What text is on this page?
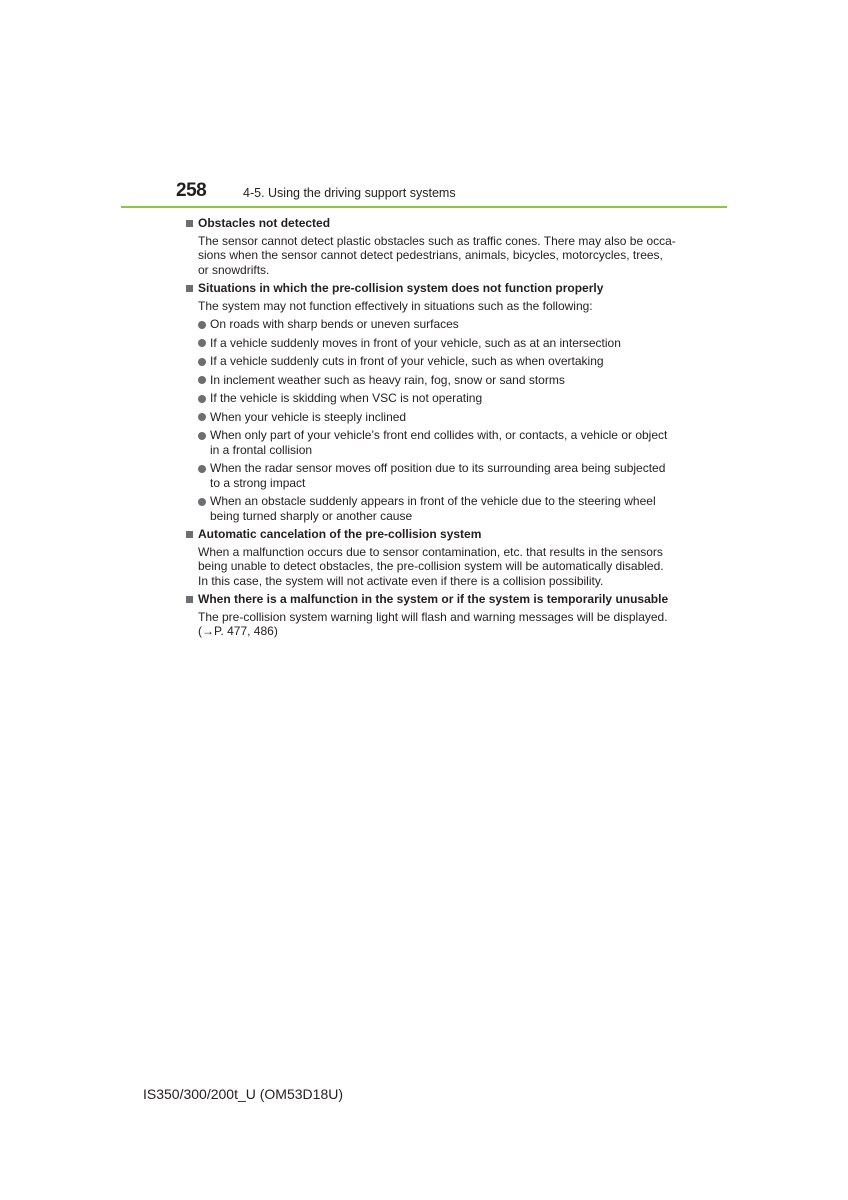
258	4-5. Using the driving support systems
Obstacles not detected
The sensor cannot detect plastic obstacles such as traffic cones. There may also be occa-sions when the sensor cannot detect pedestrians, animals, bicycles, motorcycles, trees, or snowdrifts.
Situations in which the pre-collision system does not function properly
The system may not function effectively in situations such as the following:
On roads with sharp bends or uneven surfaces
If a vehicle suddenly moves in front of your vehicle, such as at an intersection
If a vehicle suddenly cuts in front of your vehicle, such as when overtaking
In inclement weather such as heavy rain, fog, snow or sand storms
If the vehicle is skidding when VSC is not operating
When your vehicle is steeply inclined
When only part of your vehicle’s front end collides with, or contacts, a vehicle or object in a frontal collision
When the radar sensor moves off position due to its surrounding area being subjected to a strong impact
When an obstacle suddenly appears in front of the vehicle due to the steering wheel being turned sharply or another cause
Automatic cancelation of the pre-collision system
When a malfunction occurs due to sensor contamination, etc. that results in the sensors being unable to detect obstacles, the pre-collision system will be automatically disabled. In this case, the system will not activate even if there is a collision possibility.
When there is a malfunction in the system or if the system is temporarily unusable
The pre-collision system warning light will flash and warning messages will be displayed. (→P. 477, 486)
IS350/300/200t_U (OM53D18U)
